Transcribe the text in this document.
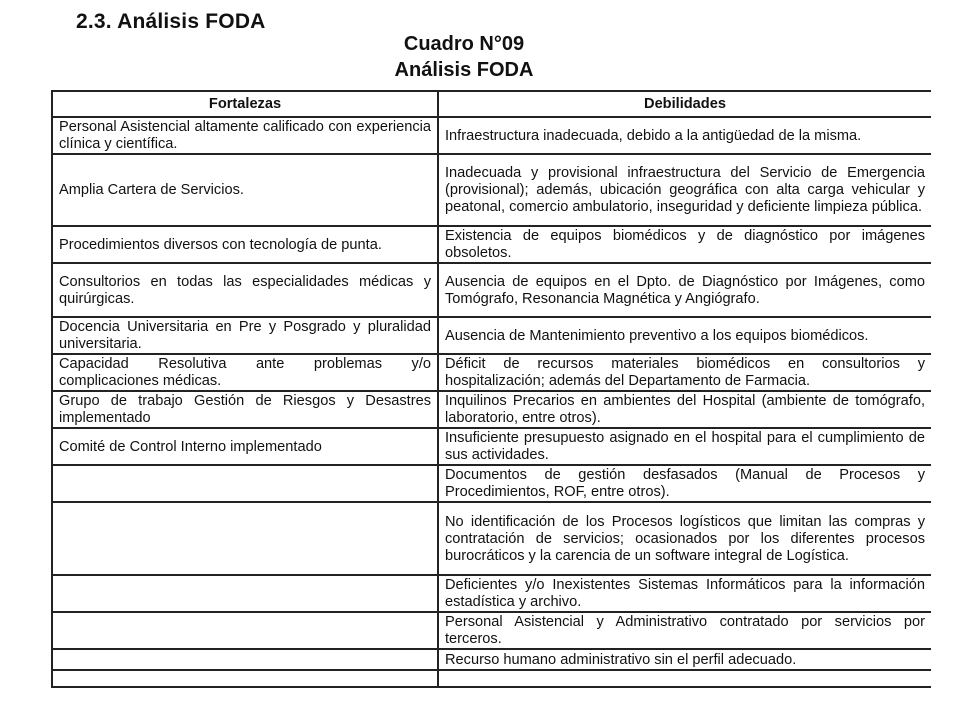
2.3. Análisis FODA
Cuadro N°09
Análisis FODA
Fortalezas	Debilidades
Personal Asistencial altamente calificado con experiencia clínica y científica.	Infraestructura inadecuada, debido a la antigüedad de la misma.
Amplia Cartera de Servicios.	Inadecuada y provisional infraestructura del Servicio de Emergencia (provisional); además, ubicación geográfica con alta carga vehicular y peatonal, comercio ambulatorio, inseguridad y deficiente limpieza pública.
Procedimientos diversos con tecnología de punta.	Existencia de equipos biomédicos y de diagnóstico por imágenes obsoletos.
Consultorios en todas las especialidades médicas y quirúrgicas.	Ausencia de equipos en el Dpto. de Diagnóstico por Imágenes, como Tomógrafo, Resonancia Magnética y Angiógrafo.
Docencia Universitaria en Pre y Posgrado y pluralidad universitaria.	Ausencia de Mantenimiento preventivo a los equipos biomédicos.
Capacidad Resolutiva ante problemas y/o complicaciones médicas.	Déficit de recursos materiales biomédicos en consultorios y hospitalización; además del Departamento de Farmacia.
Grupo de trabajo Gestión de Riesgos y Desastres implementado	Inquilinos Precarios en ambientes del Hospital (ambiente de tomógrafo, laboratorio, entre otros).
Comité de Control Interno implementado	Insuficiente presupuesto asignado en el hospital para el cumplimiento de sus actividades.
	Documentos de gestión desfasados (Manual de Procesos y Procedimientos, ROF, entre otros).
	No identificación de los Procesos logísticos que limitan las compras y contratación de servicios; ocasionados por los diferentes procesos burocráticos y la carencia de un software integral de Logística.
	Deficientes y/o Inexistentes Sistemas Informáticos para la información estadística y archivo.
	Personal Asistencial y Administrativo contratado por servicios por terceros.
	Recurso humano administrativo sin el perfil adecuado.
